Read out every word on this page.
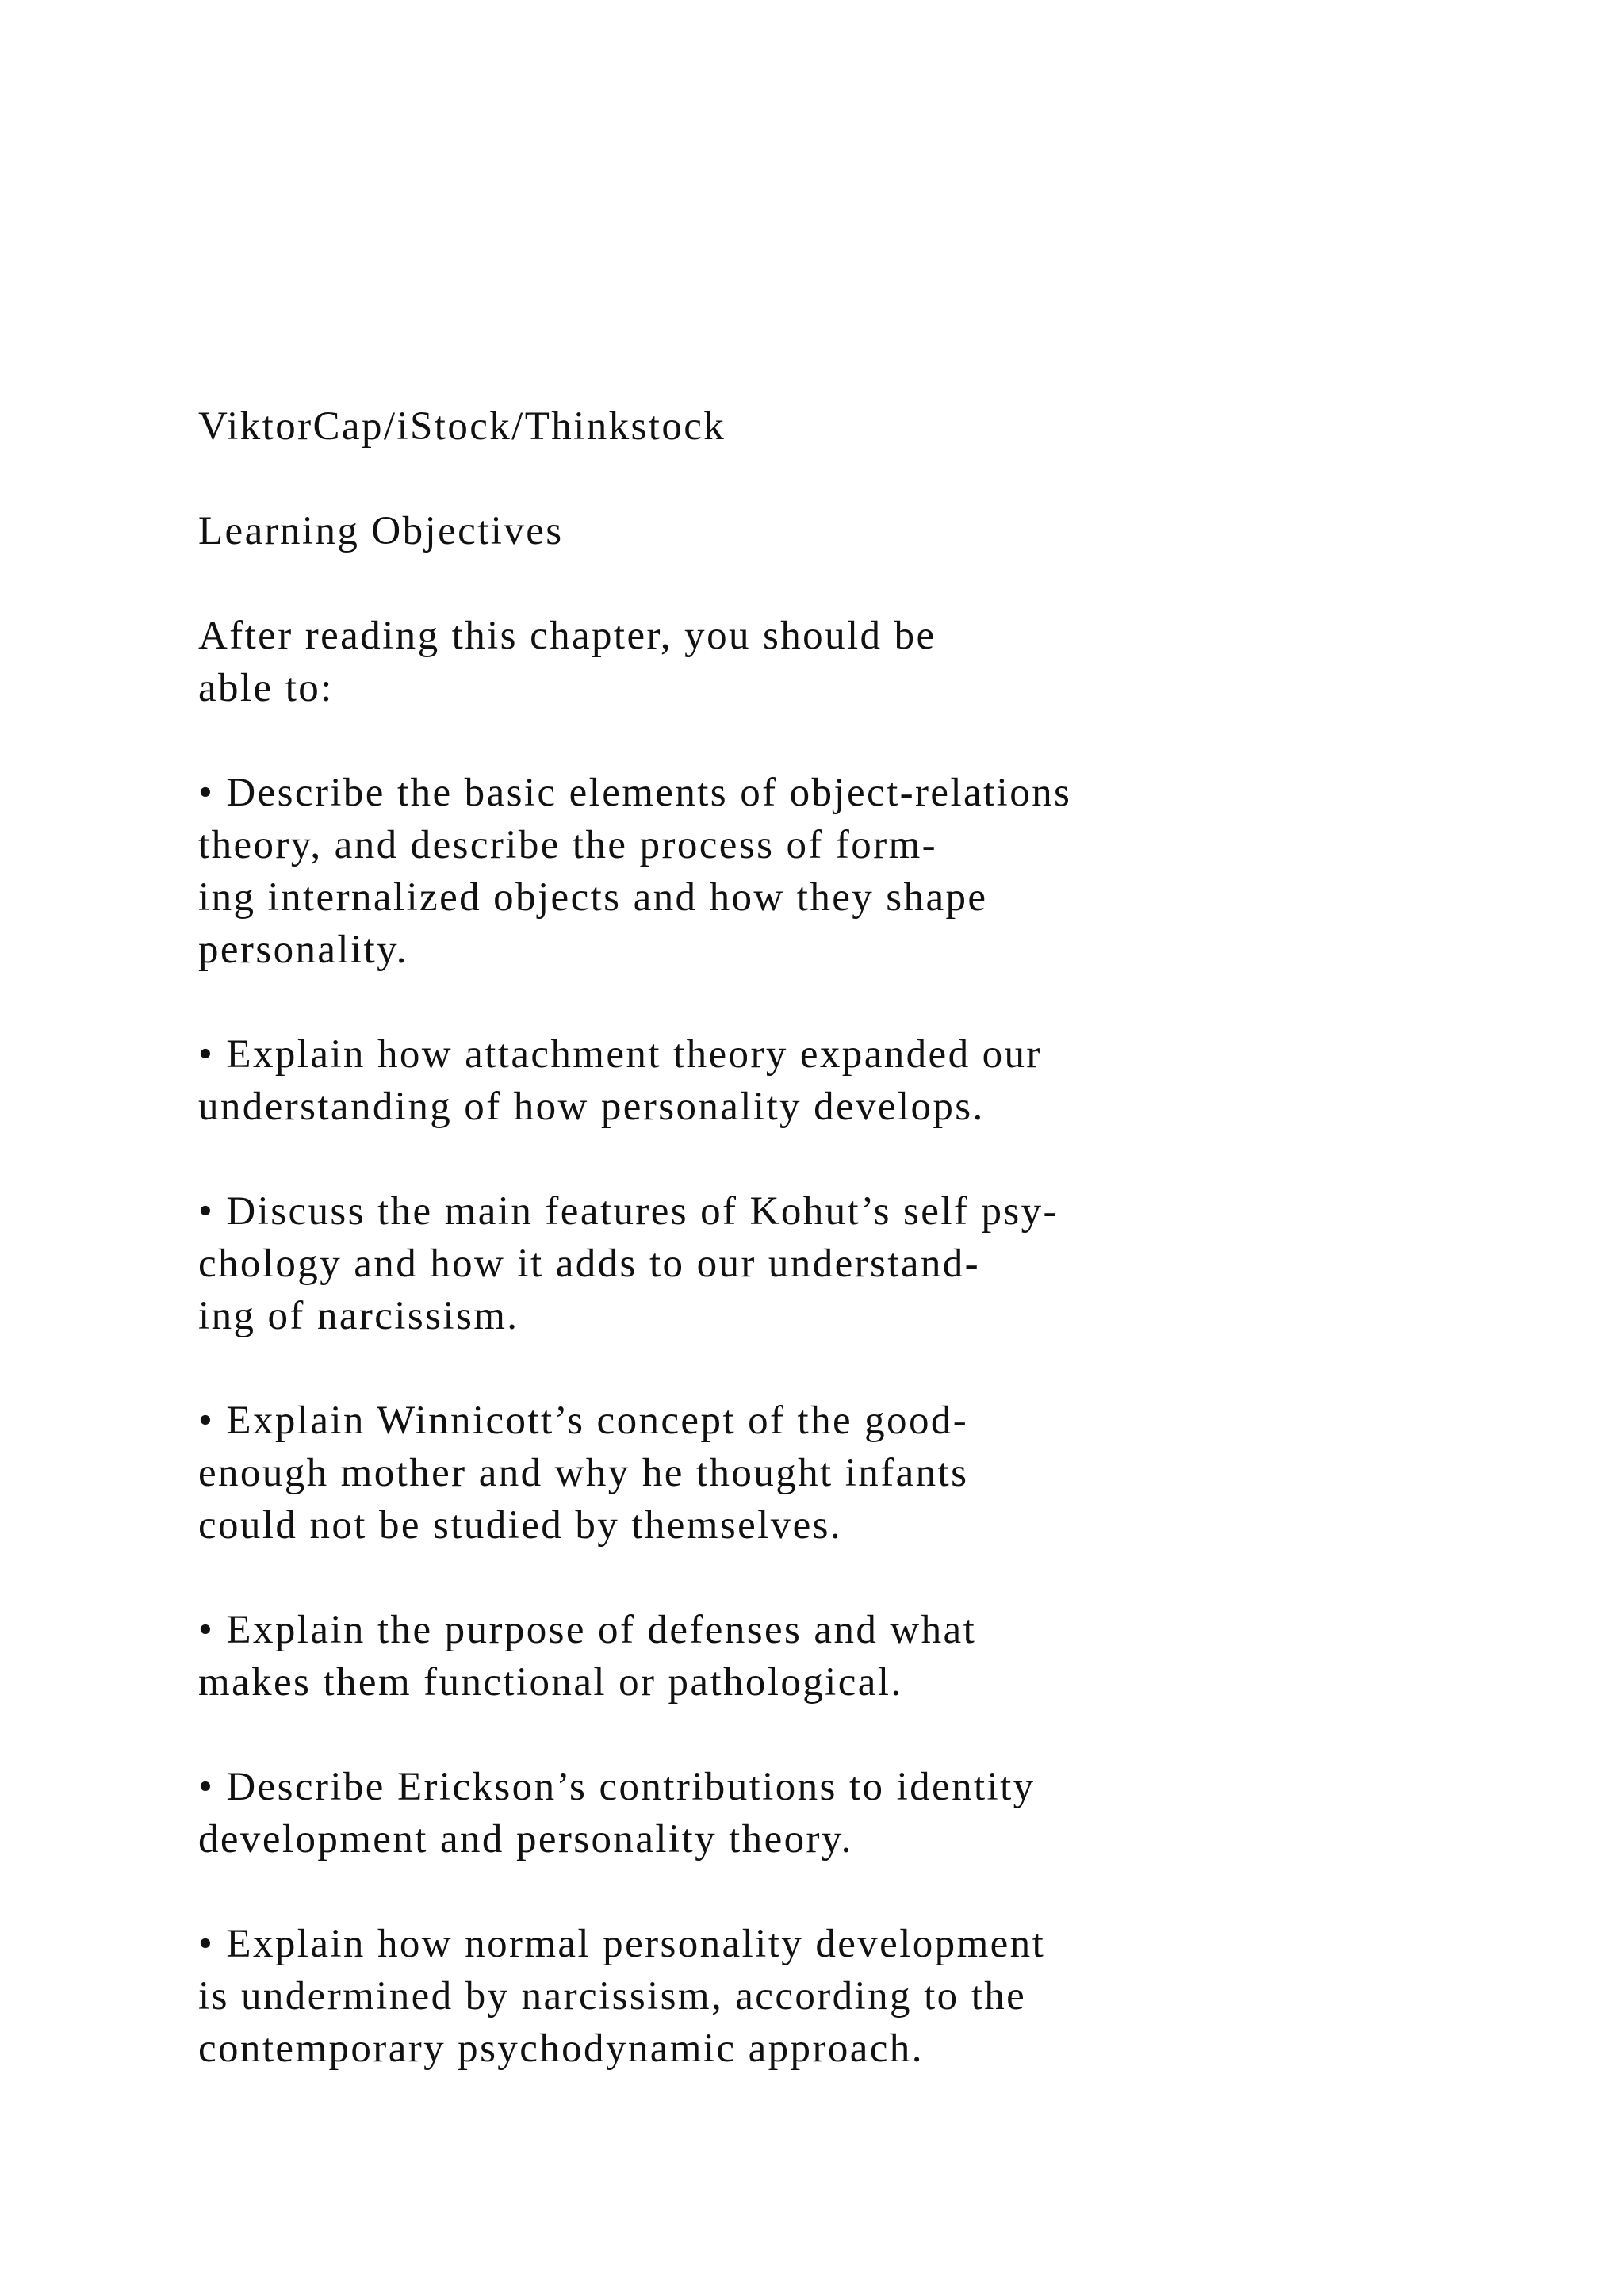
ViktorCap/iStock/Thinkstock

Learning Objectives

After reading this chapter, you should be
able to:

• Describe the basic elements of object-relations
theory, and describe the process of form-
ing internalized objects and how they shape
personality.
• Explain how attachment theory expanded our
understanding of how personality develops.
• Discuss the main features of Kohut’s self psy-
chology and how it adds to our understand-
ing of narcissism.
• Explain Winnicott’s concept of the good-
enough mother and why he thought infants
could not be studied by themselves.
• Explain the purpose of defenses and what
makes them functional or pathological.
• Describe Erickson’s contributions to identity
development and personality theory.
• Explain how normal personality development
is undermined by narcissism, according to the
contemporary psychodynamic approach.
